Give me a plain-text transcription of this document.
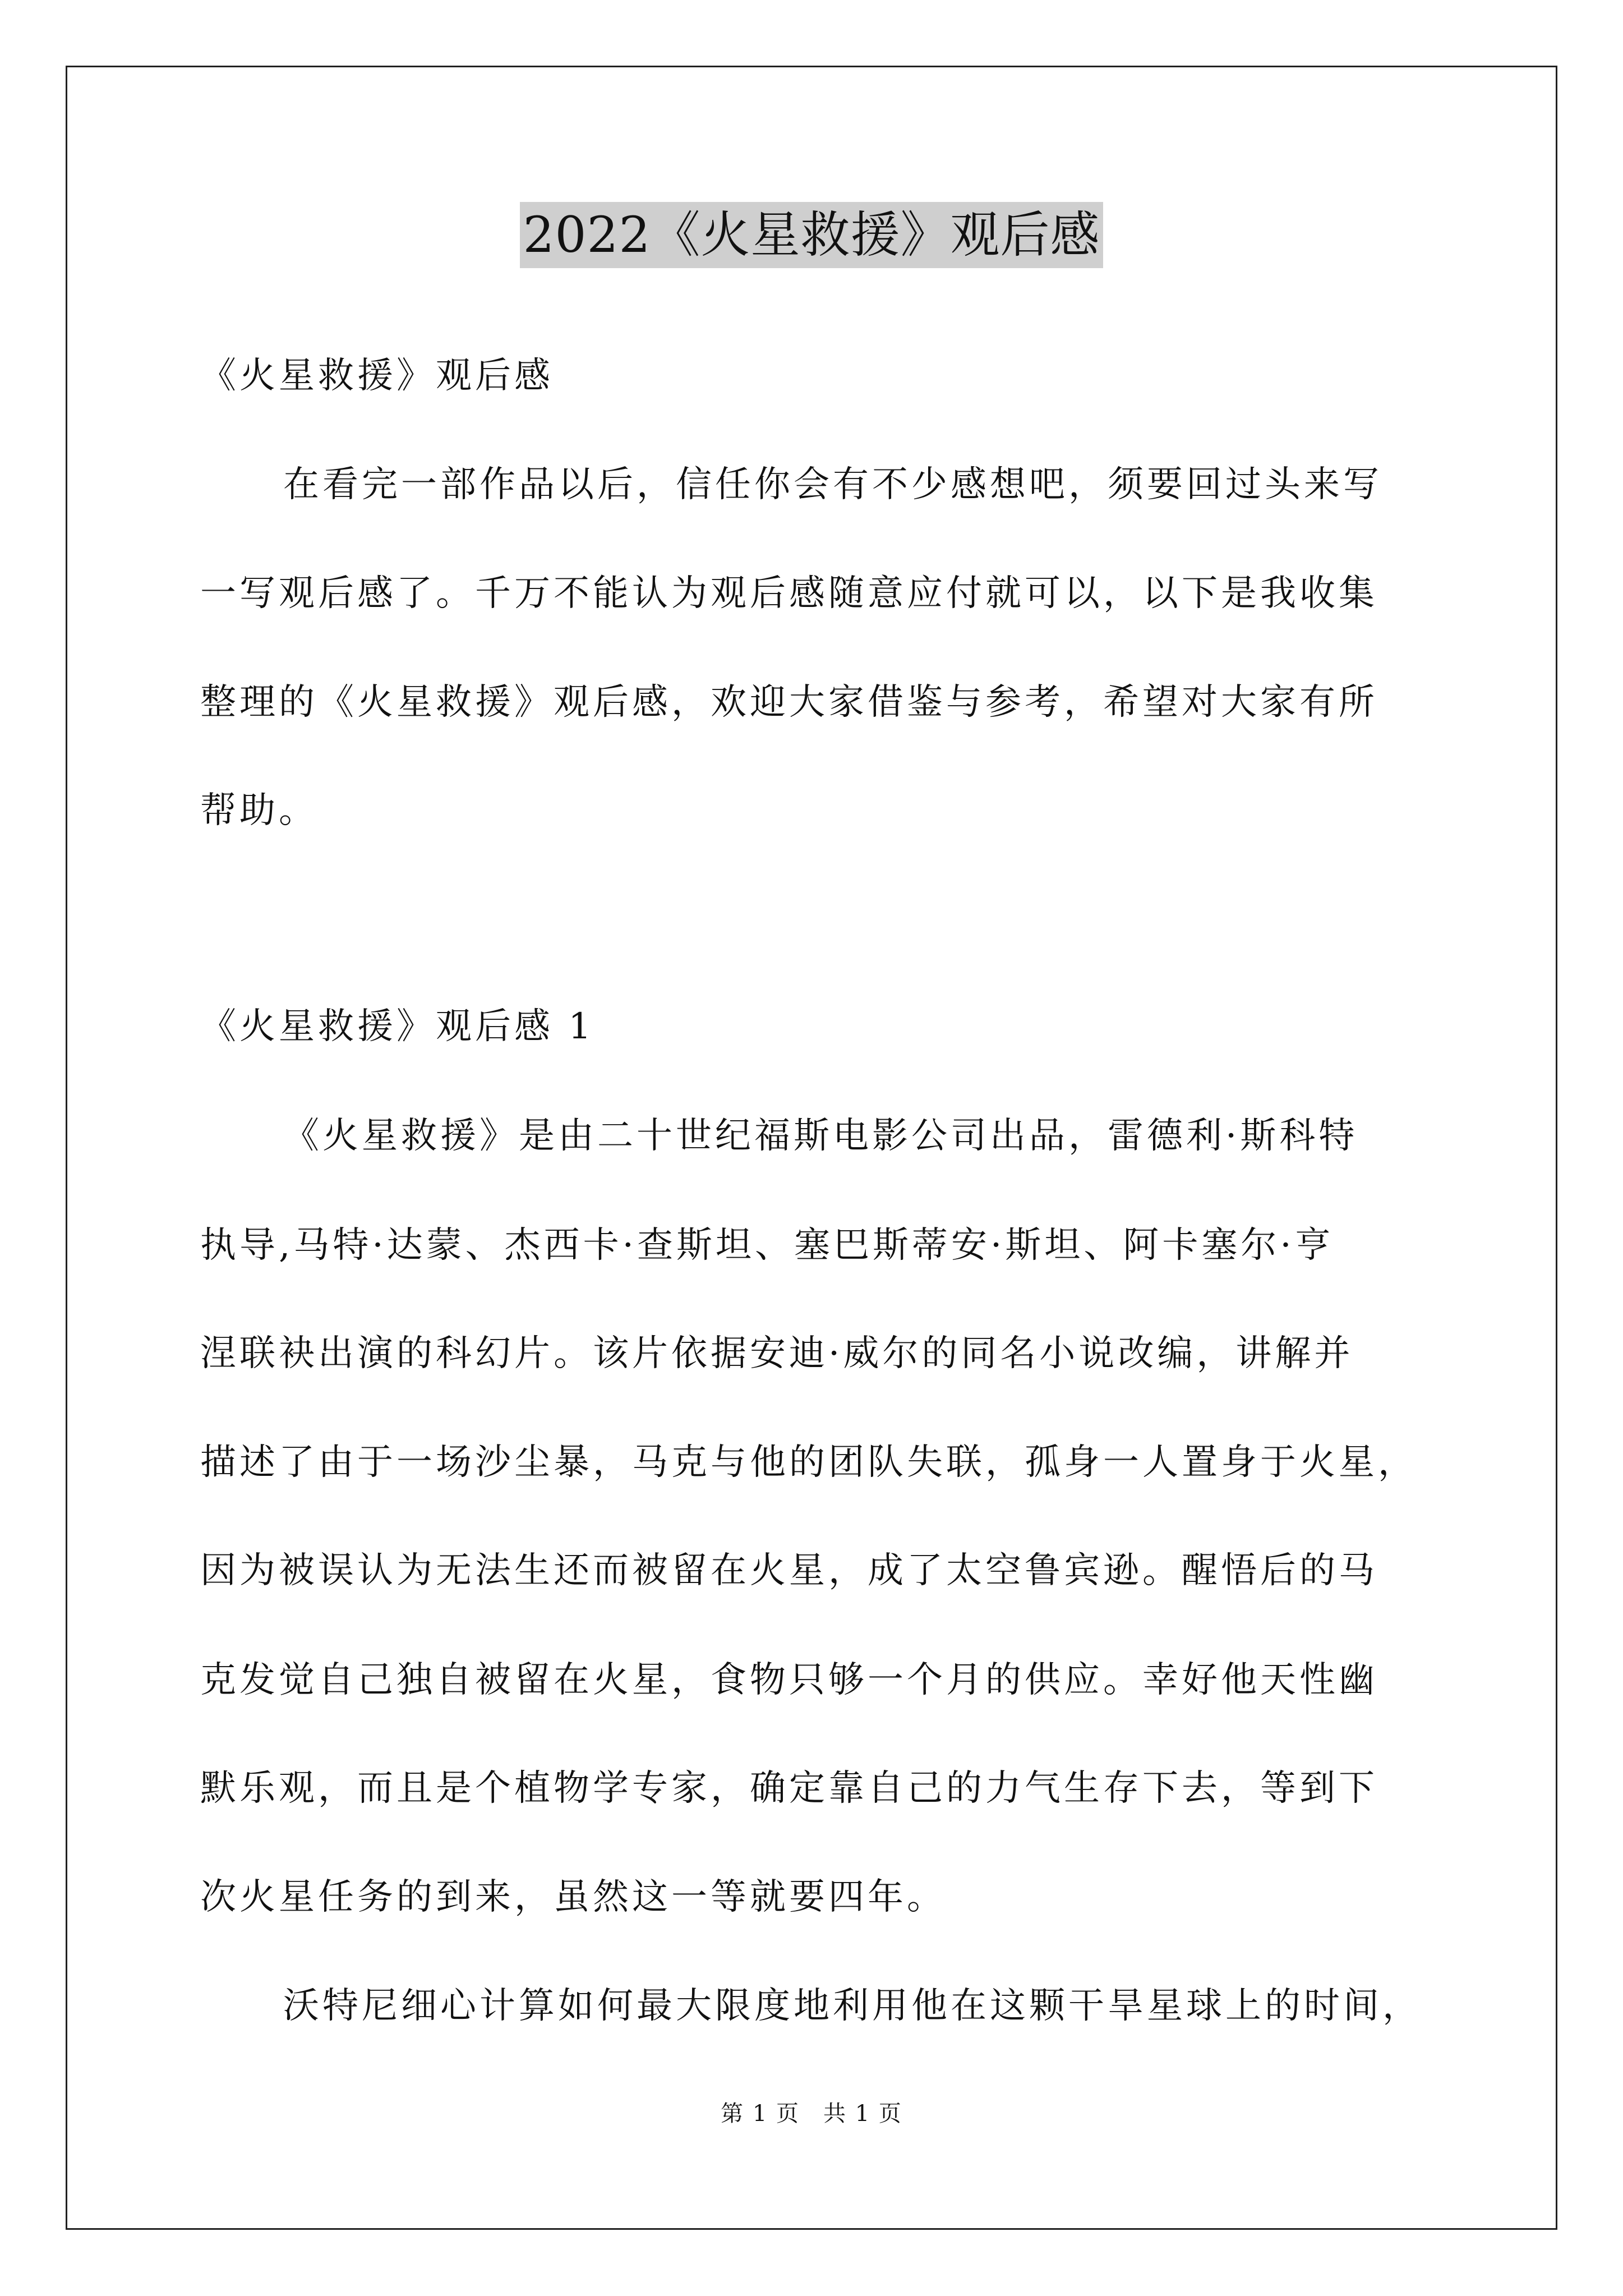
2022《火星救援》观后感
《火星救援》观后感
在看完一部作品以后，信任你会有不少感想吧，须要回过头来写
一写观后感了。千万不能认为观后感随意应付就可以，以下是我收集
整理的《火星救援》观后感，欢迎大家借鉴与参考，希望对大家有所
帮助。
《火星救援》观后感 1
《火星救援》是由二十世纪福斯电影公司出品，雷德利·斯科特
执导,马特·达蒙、杰西卡·查斯坦、塞巴斯蒂安·斯坦、阿卡塞尔·亨
涅联袂出演的科幻片。该片依据安迪·威尔的同名小说改编，讲解并
描述了由于一场沙尘暴，马克与他的团队失联，孤身一人置身于火星，
因为被误认为无法生还而被留在火星，成了太空鲁宾逊。醒悟后的马
克发觉自己独自被留在火星，食物只够一个月的供应。幸好他天性幽
默乐观，而且是个植物学专家，确定靠自己的力气生存下去，等到下
次火星任务的到来，虽然这一等就要四年。
沃特尼细心计算如何最大限度地利用他在这颗干旱星球上的时间，
第 1 页　共 1 页
